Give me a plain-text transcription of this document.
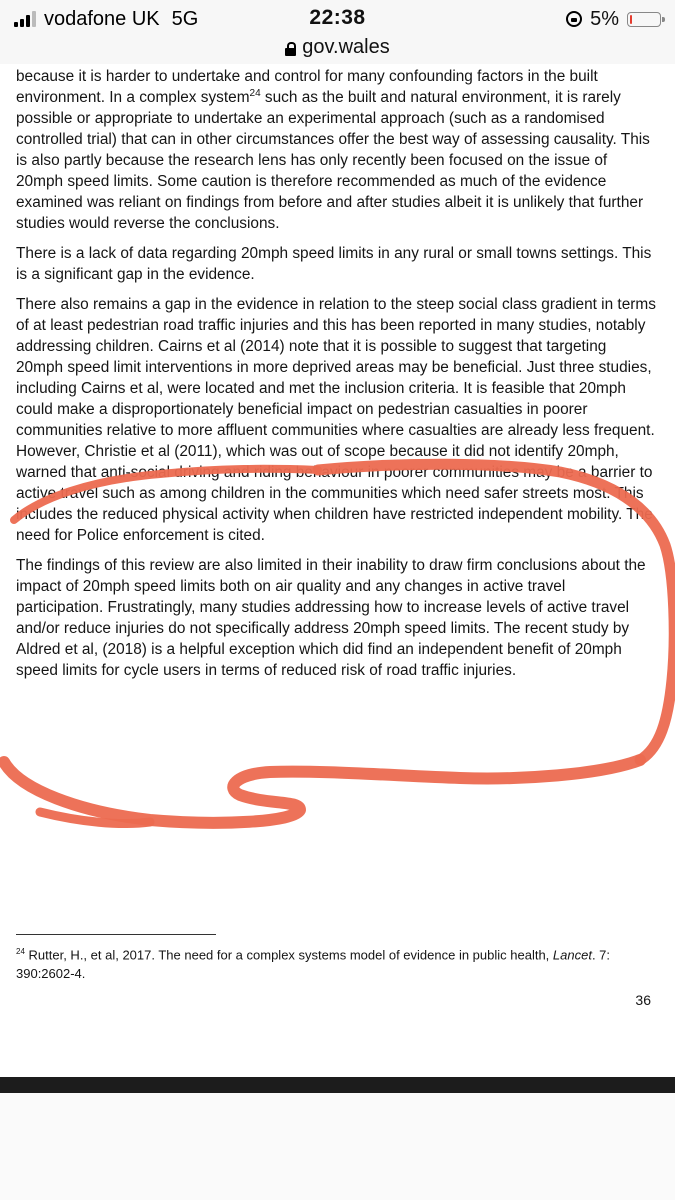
vodafone UK 5G	22:38
gov.wales
5%

because it is harder to undertake and control for many confounding factors in the built environment. In a complex system$^{24}$ such as the built and natural environment, it is rarely possible or appropriate to undertake an experimental approach (such as a randomised controlled trial) that can in other circumstances offer the best way of assessing causality. This is also partly because the research lens has only recently been focused on the issue of 20mph speed limits. Some caution is therefore recommended as much of the evidence examined was reliant on findings from before and after studies albeit it is unlikely that further studies would reverse the conclusions.

There is a lack of data regarding 20mph speed limits in any rural or small towns settings. This is a significant gap in the evidence.

There also remains a gap in the evidence in relation to the steep social class gradient in terms of at least pedestrian road traffic injuries and this has been reported in many studies, notably addressing children. Cairns et al (2014) note that it is possible to suggest that targeting 20mph speed limit interventions in more deprived areas may be beneficial. Just three studies, including Cairns et al, were located and met the inclusion criteria. It is feasible that 20mph could make a disproportionately beneficial impact on pedestrian casualties in poorer communities relative to more affluent communities where casualties are already less frequent. However, Christie et al (2011), which was out of scope because it did not identify 20mph, warned that anti-social driving and riding behaviour in poorer communities may be a barrier to active travel such as among children in the communities which need safer streets most. This includes the reduced physical activity when children have restricted independent mobility. The need for Police enforcement is cited.

The findings of this review are also limited in their inability to draw firm conclusions about the impact of 20mph speed limits both on air quality and any changes in active travel participation. Frustratingly, many studies addressing how to increase levels of active travel and/or reduce injuries do not specifically address 20mph speed limits. The recent study by Aldred et al, (2018) is a helpful exception which did find an independent benefit of 20mph speed limits for cycle users in terms of reduced risk of road traffic injuries.

$^{24}$ Rutter, H., et al, 2017. The need for a complex systems model of evidence in public health, Lancet. 7: 390:2602-4.
36
